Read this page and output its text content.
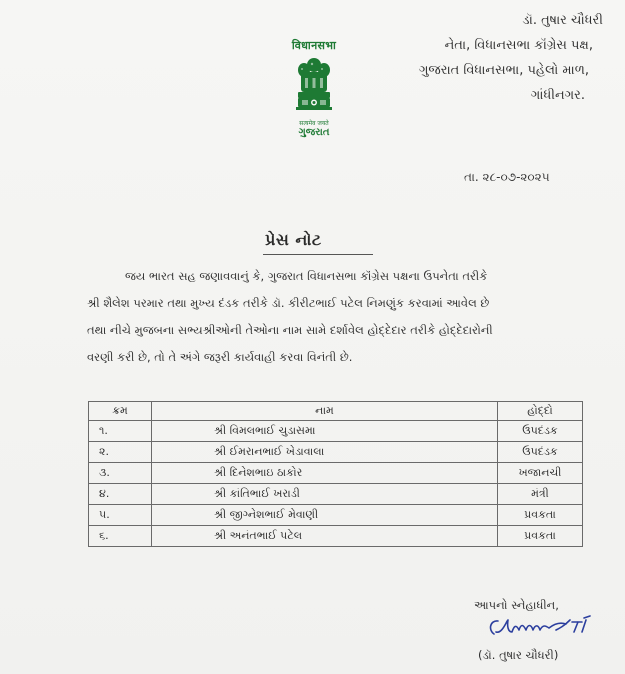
विधानसभा
सत्यमेव जयते
ગુજરાત
ડૉ. તુષાર ચૌધરી
નેતા, વિધાનસભા કૉંગ્રેસ પક્ષ,
ગુજરાત વિધાનસભા, પહેલો માળ,
ગાંધીનગર.
તા. ૨૮-૦૭-૨૦૨૫
પ્રેસ નોટ
જય ભારત સહ જણાવવાનું કે, ગુજરાત વિધાનસભા કૉંગ્રેસ પક્ષના ઉપનેતા તરીકે
શ્રી શૈલેશ પરમાર તથા મુખ્ય દંડક તરીકે ડૉ. કીરીટભાઈ પટેલ નિમણુંક કરવામાં આવેલ છે
તથા નીચે મુજબના સભ્યશ્રીઓની તેઓના નામ સામે દર્શાવેલ હોદ્દેદાર તરીકે હોદ્દેદારોની
વરણી કરી છે, તો તે અંગે જરૂરી કાર્યવાહી કરવા વિનંતી છે.
ક્રમ	નામ	હોદ્દો
૧.	શ્રી વિમલભાઈ ચુડાસમા	ઉપદંડક
૨.	શ્રી ઈમરાનભાઈ ખેડાવાલા	ઉપદંડક
૩.	શ્રી દિનેશભાઇ ઠાકોર	ખજાનચી
૪.	શ્રી કાંતિભાઈ ખરાડી	મંત્રી
૫.	શ્રી જીગ્નેશભાઈ મેવાણી	પ્રવકતા
૬.	શ્રી અનંતભાઈ પટેલ	પ્રવકતા
આપનો સ્નેહાધીન,
(ડૉ. તુષાર ચૌધરી)
